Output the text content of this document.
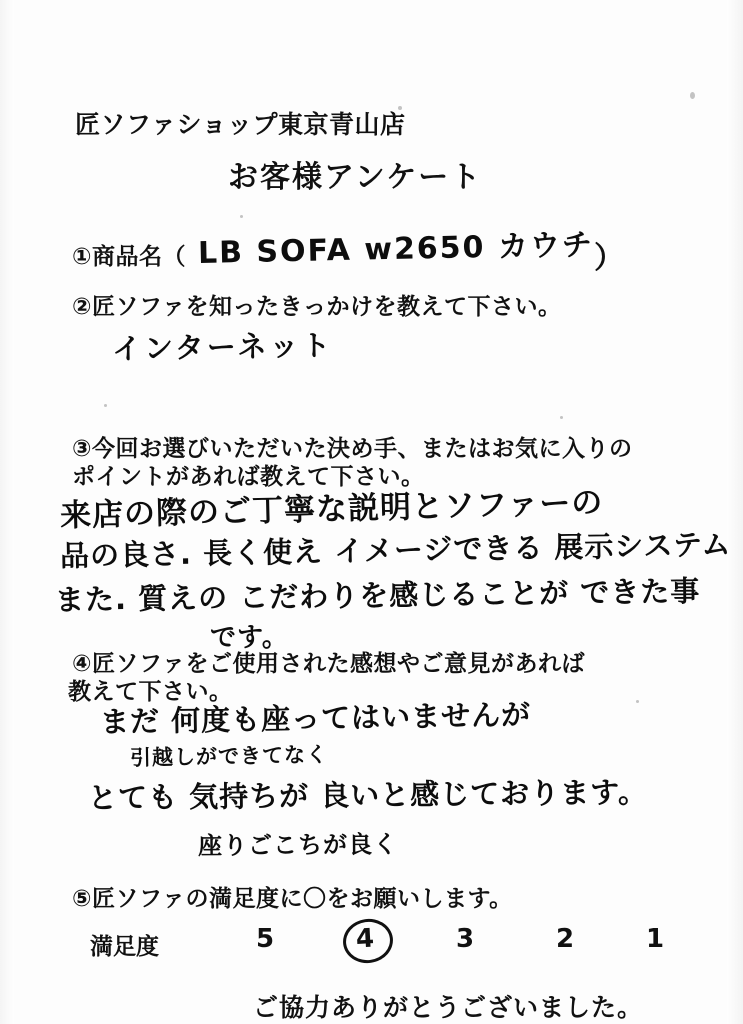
匠ソファショップ東京青山店
お客様アンケート
①商品名（ LB SOFA w2650 カウチ ）
②匠ソファを知ったきっかけを教えて下さい。
インターネット
③今回お選びいただいた決め手、またはお気に入りの
ポイントがあれば教えて下さい。
来店の際のご丁寧な説明とソファーの
品の良さ. 長く使え イメージできる 展示システム
また. 質えの こだわりを感じることが できた事
です。
④匠ソファをご使用された感想やご意見があれば
教えて下さい。
まだ 何度も座ってはいませんが
引越しができてなく
とても 気持ちが 良いと感じております。
座りごこちが良く
⑤匠ソファの満足度に〇をお願いします。
満足度	5	4	3	2	1
ご協力ありがとうございました。
